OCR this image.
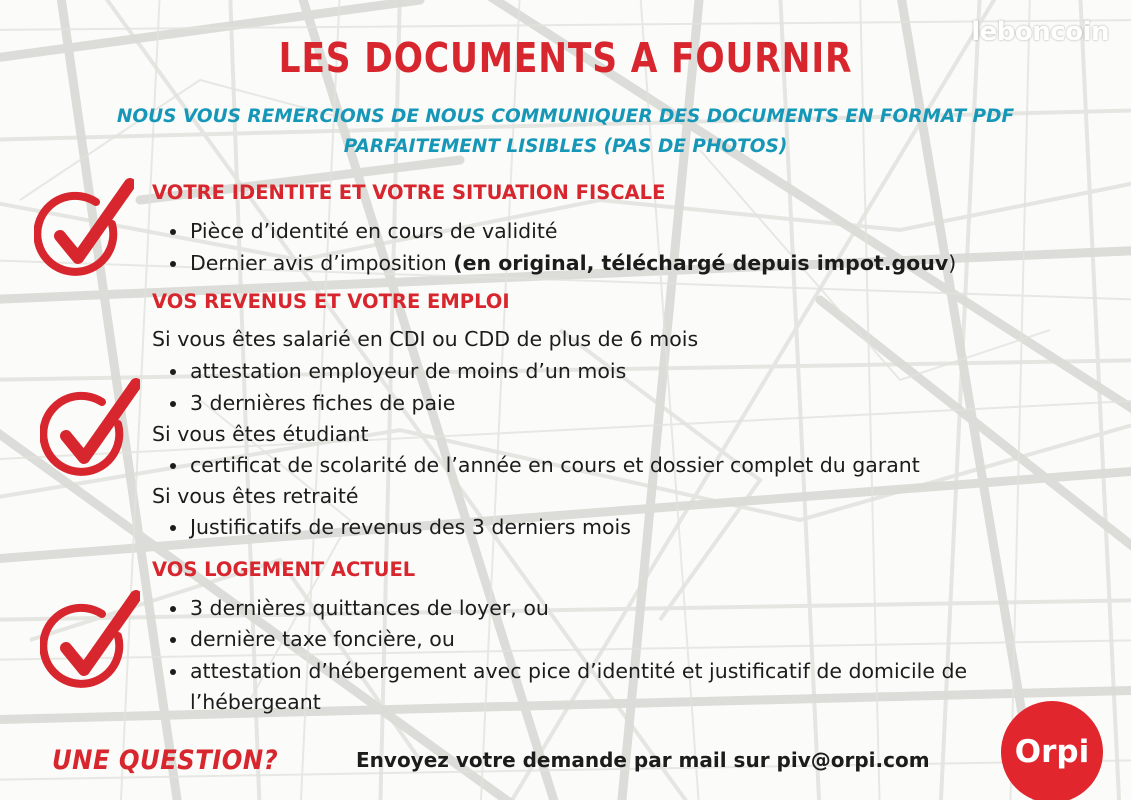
leboncoin
LES DOCUMENTS A FOURNIR
NOUS VOUS REMERCIONS DE NOUS COMMUNIQUER DES DOCUMENTS EN FORMAT PDF
PARFAITEMENT LISIBLES (PAS DE PHOTOS)
VOTRE IDENTITE ET VOTRE SITUATION FISCALE
Pièce d’identité en cours de validité
Dernier avis d’imposition (en original, téléchargé depuis impot.gouv)
VOS REVENUS ET VOTRE EMPLOI
Si vous êtes salarié en CDI ou CDD de plus de 6 mois
attestation employeur de moins d’un mois
3 dernières fiches de paie
Si vous êtes étudiant
certificat de scolarité de l’année en cours et dossier complet du garant
Si vous êtes retraité
Justificatifs de revenus des 3 derniers mois
VOS LOGEMENT ACTUEL
3 dernières quittances de loyer, ou
dernière taxe foncière, ou
attestation d’hébergement avec pice d’identité et justificatif de domicile de
l’hébergeant
UNE QUESTION?	Envoyez votre demande par mail sur piv@orpi.com	Orpi
